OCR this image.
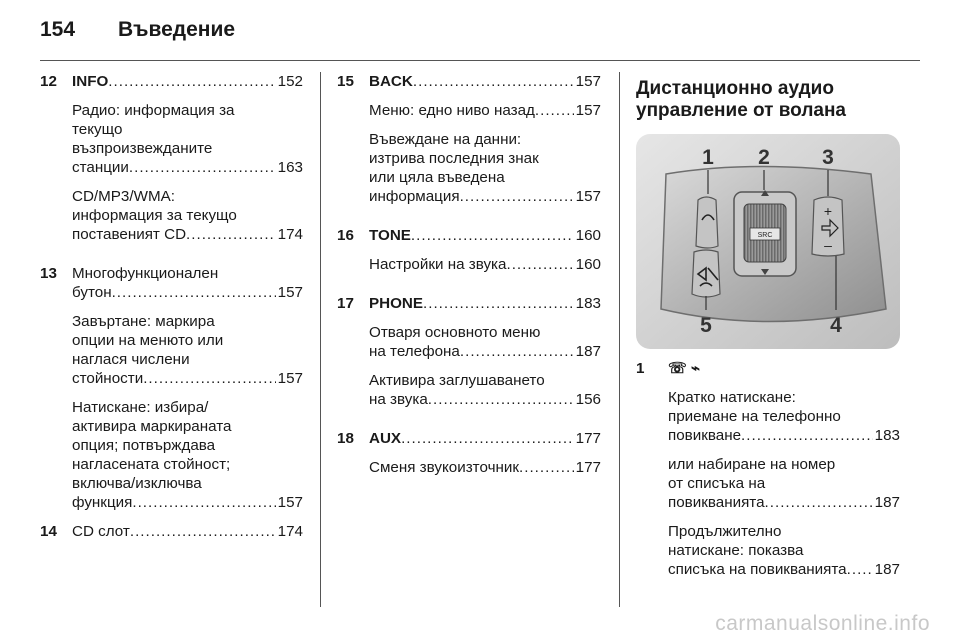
154 Въведение
12 INFO .....	152
Радио: информация за
текущо
възпроизвежданите
станции .....	163
CD/MP3/WMA:
информация за текущо
поставеният CD .....	174
13 Многофункционален
бутон .....	157
Завъртане: маркира
опции на менюто или
наглася числени
стойности .....	157
Натискане: избира/
активира маркираната
опция; потвърждава
нагласената стойност;
включва/изключва
функция .....	157
14 CD слот .....	174
15 BACK .....	157
Меню: едно ниво назад .....	157
Въвеждане на данни:
изтрива последния знак
или цяла въведена
информация .....	157
16 TONE .....	160
Настройки на звука .....	160
17 PHONE .....	183
Отваря основното меню
на телефона .....	187
Активира заглушаването
на звука .....	156
18 AUX .....	177
Сменя звукоизточник .....	177
Дистанционно аудио
управление от волана
SRC
+
–
1 2 3
4
5
1	☏⌁
Кратко натискане:
приемане на телефонно
повикване .....	183
или набиране на номер
от списъка на
повикванията .....	187
Продължително
натискане: показва
списъка на повикванията .....	187
carmanualsonline.info
